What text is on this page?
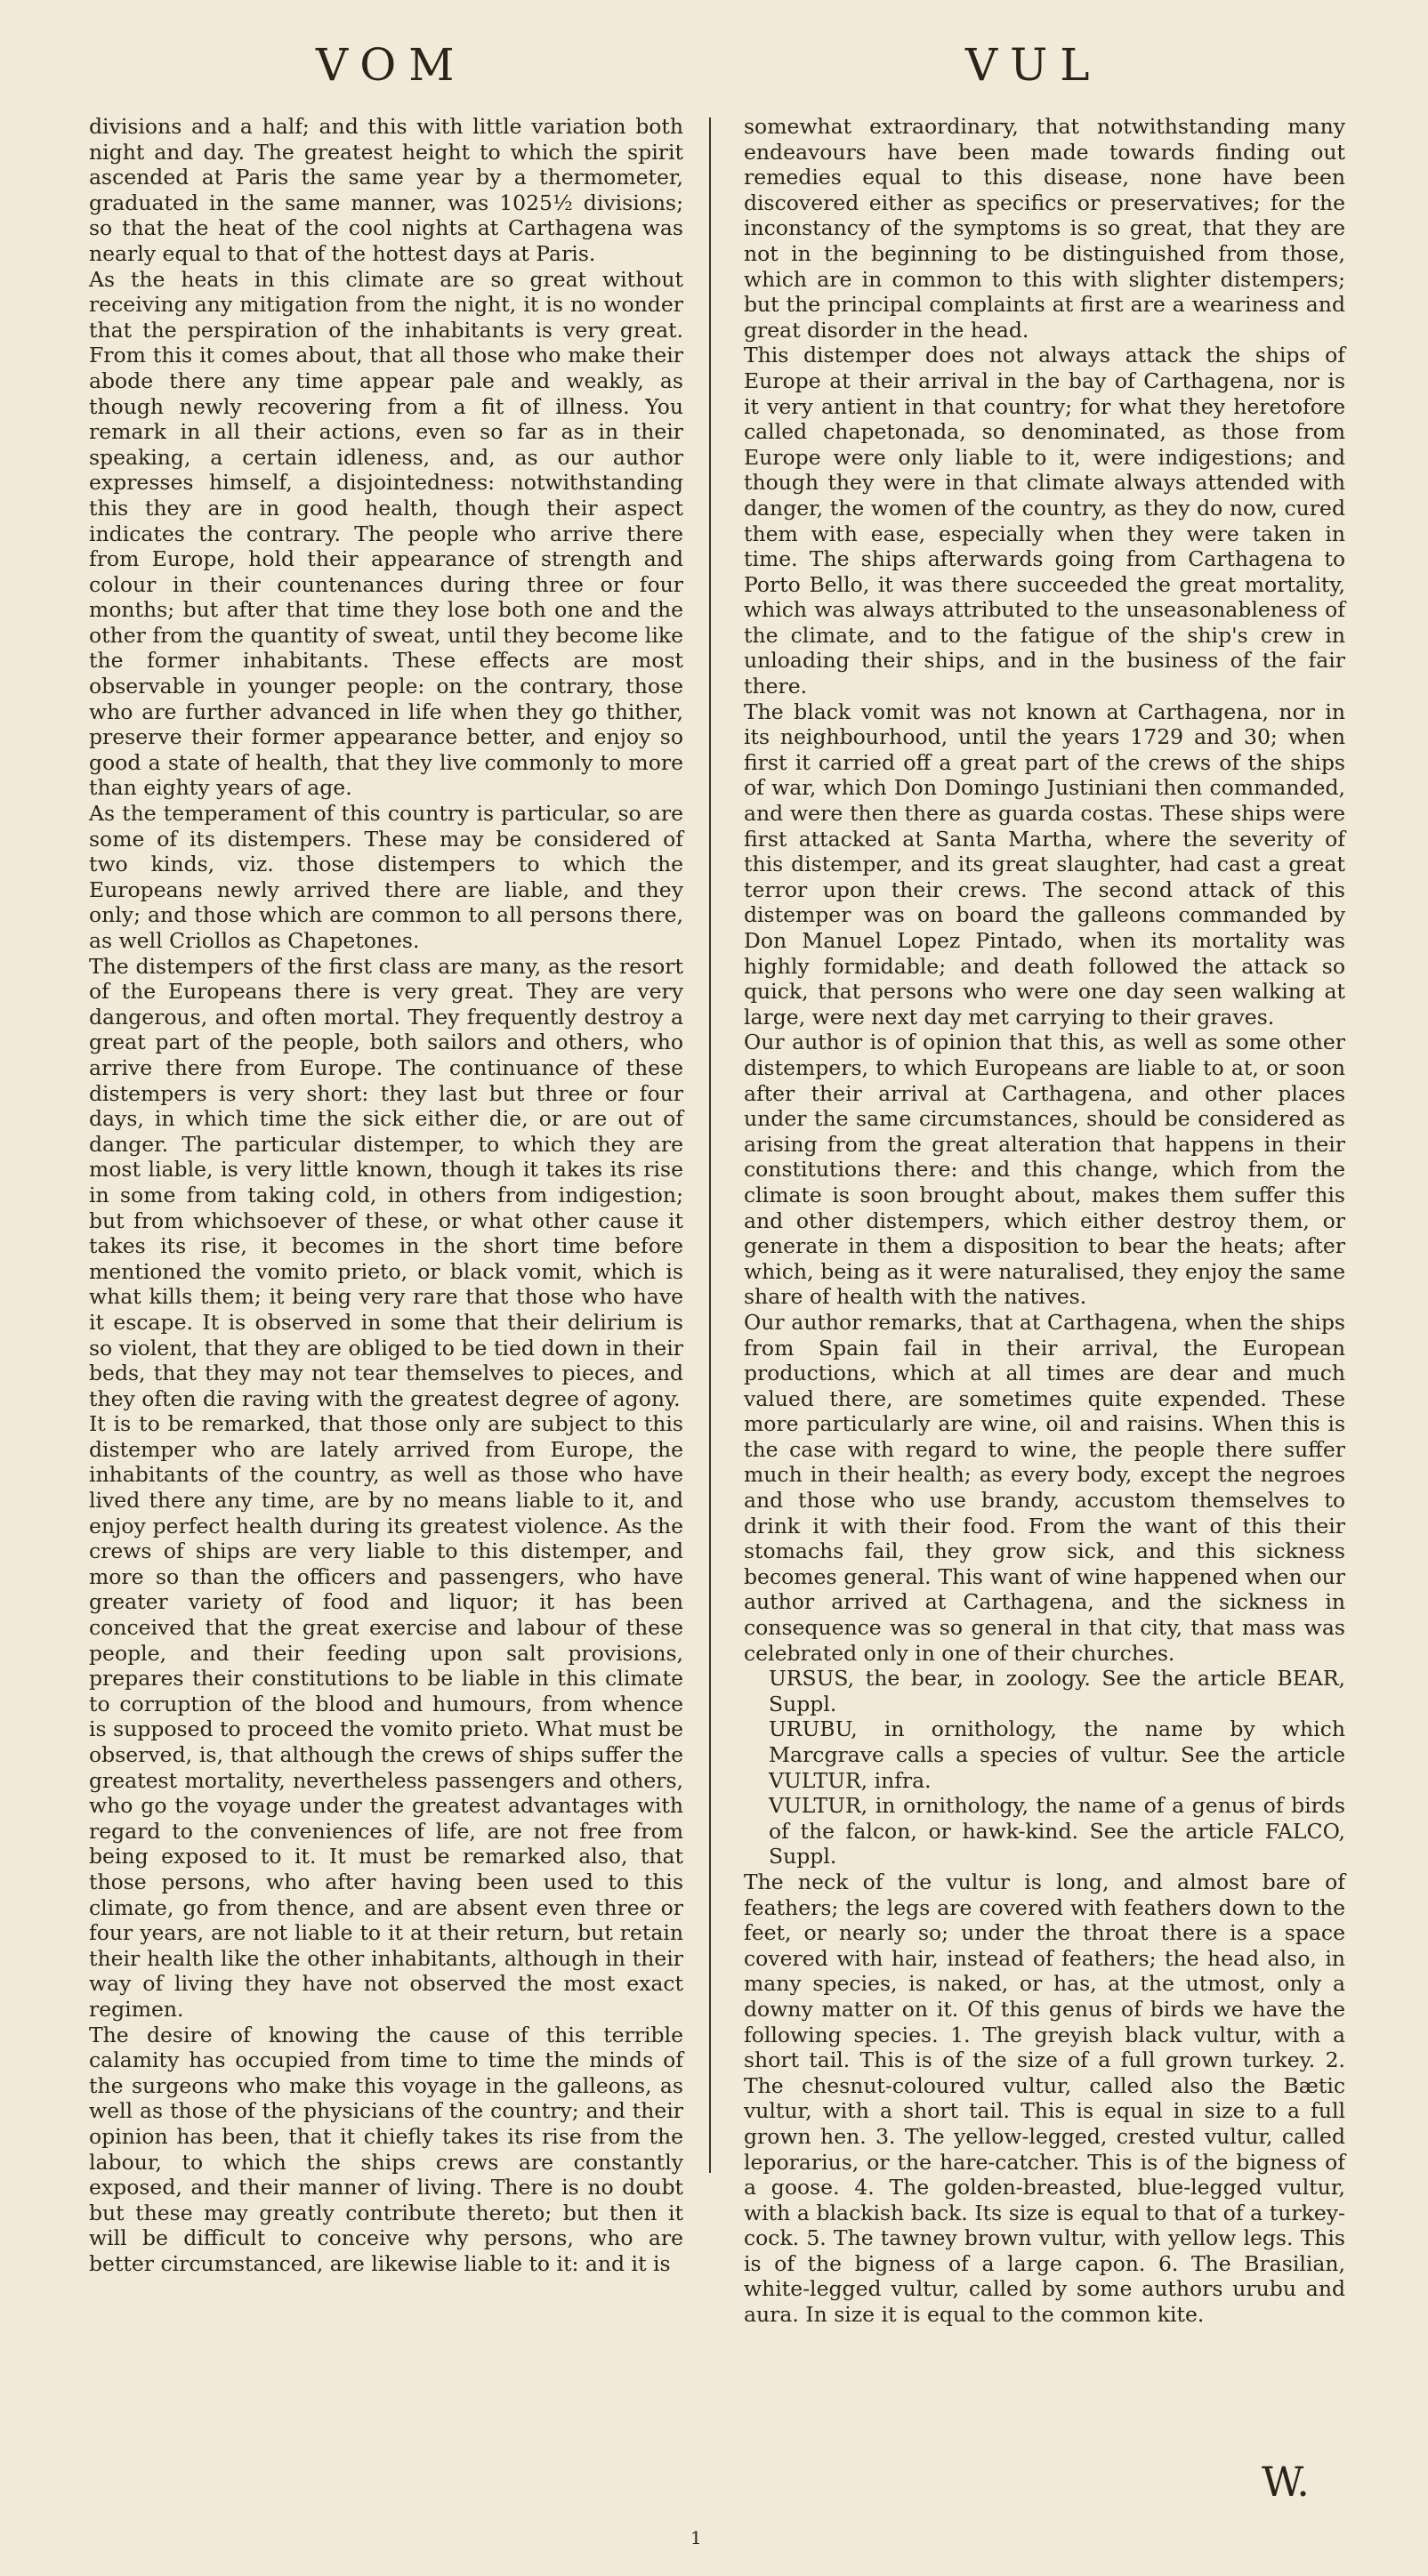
VOM	VUL

divisions and a half; and this with little variation both night and day. The greatest height to which the spirit ascended at Paris the same year by a thermometer, graduated in the same manner, was 1025½ divisions; so that the heat of the cool nights at Carthagena was nearly equal to that of the hottest days at Paris.

As the heats in this climate are so great without receiving any mitigation from the night, it is no wonder that the perspiration of the inhabitants is very great. From this it comes about, that all those who make their abode there any time appear pale and weakly, as though newly recovering from a fit of illness. You remark in all their actions, even so far as in their speaking, a certain idleness, and, as our author expresses himself, a disjointedness: notwithstanding this they are in good health, though their aspect indicates the contrary. The people who arrive there from Europe, hold their appearance of strength and colour in their countenances during three or four months; but after that time they lose both one and the other from the quantity of sweat, until they become like the former inhabitants. These effects are most observable in younger people: on the contrary, those who are further advanced in life when they go thither, preserve their former appearance better, and enjoy so good a state of health, that they live commonly to more than eighty years of age.

As the temperament of this country is particular, so are some of its distempers. These may be considered of two kinds, viz. those distempers to which the Europeans newly arrived there are liable, and they only; and those which are common to all persons there, as well Criollos as Chapetones.

The distempers of the first class are many, as the resort of the Europeans there is very great. They are very dangerous, and often mortal. They frequently destroy a great part of the people, both sailors and others, who arrive there from Europe. The continuance of these distempers is very short: they last but three or four days, in which time the sick either die, or are out of danger. The particular distemper, to which they are most liable, is very little known, though it takes its rise in some from taking cold, in others from indigestion; but from whichsoever of these, or what other cause it takes its rise, it becomes in the short time before mentioned the vomito prieto, or black vomit, which is what kills them; it being very rare that those who have it escape. It is observed in some that their delirium is so violent, that they are obliged to be tied down in their beds, that they may not tear themselves to pieces, and they often die raving with the greatest degree of agony.

It is to be remarked, that those only are subject to this distemper who are lately arrived from Europe, the inhabitants of the country, as well as those who have lived there any time, are by no means liable to it, and enjoy perfect health during its greatest violence. As the crews of ships are very liable to this distemper, and more so than the officers and passengers, who have greater variety of food and liquor; it has been conceived that the great exercise and labour of these people, and their feeding upon salt provisions, prepares their constitutions to be liable in this climate to corruption of the blood and humours, from whence is supposed to proceed the vomito prieto. What must be observed, is, that although the crews of ships suffer the greatest mortality, nevertheless passengers and others, who go the voyage under the greatest advantages with regard to the conveniences of life, are not free from being exposed to it. It must be remarked also, that those persons, who after having been used to this climate, go from thence, and are absent even three or four years, are not liable to it at their return, but retain their health like the other inhabitants, although in their way of living they have not observed the most exact regimen.

The desire of knowing the cause of this terrible calamity has occupied from time to time the minds of the surgeons who make this voyage in the galleons, as well as those of the physicians of the country; and their opinion has been, that it chiefly takes its rise from the labour, to which the ships crews are constantly exposed, and their manner of living. There is no doubt but these may greatly contribute thereto; but then it will be difficult to conceive why persons, who are better circumstanced, are likewise liable to it: and it is

somewhat extraordinary, that notwithstanding many endeavours have been made towards finding out remedies equal to this disease, none have been discovered either as specifics or preservatives; for the inconstancy of the symptoms is so great, that they are not in the beginning to be distinguished from those, which are in common to this with slighter distempers; but the principal complaints at first are a weariness and great disorder in the head.

This distemper does not always attack the ships of Europe at their arrival in the bay of Carthagena, nor is it very antient in that country; for what they heretofore called chapetonada, so denominated, as those from Europe were only liable to it, were indigestions; and though they were in that climate always attended with danger, the women of the country, as they do now, cured them with ease, especially when they were taken in time. The ships afterwards going from Carthagena to Porto Bello, it was there succeeded the great mortality, which was always attributed to the unseasonableness of the climate, and to the fatigue of the ship's crew in unloading their ships, and in the business of the fair there.

The black vomit was not known at Carthagena, nor in its neighbourhood, until the years 1729 and 30; when first it carried off a great part of the crews of the ships of war, which Don Domingo Justiniani then commanded, and were then there as guarda costas. These ships were first attacked at Santa Martha, where the severity of this distemper, and its great slaughter, had cast a great terror upon their crews. The second attack of this distemper was on board the galleons commanded by Don Manuel Lopez Pintado, when its mortality was highly formidable; and death followed the attack so quick, that persons who were one day seen walking at large, were next day met carrying to their graves.

Our author is of opinion that this, as well as some other distempers, to which Europeans are liable to at, or soon after their arrival at Carthagena, and other places under the same circumstances, should be considered as arising from the great alteration that happens in their constitutions there: and this change, which from the climate is soon brought about, makes them suffer this and other distempers, which either destroy them, or generate in them a disposition to bear the heats; after which, being as it were naturalised, they enjoy the same share of health with the natives.

Our author remarks, that at Carthagena, when the ships from Spain fail in their arrival, the European productions, which at all times are dear and much valued there, are sometimes quite expended. These more particularly are wine, oil and raisins. When this is the case with regard to wine, the people there suffer much in their health; as every body, except the negroes and those who use brandy, accustom themselves to drink it with their food. From the want of this their stomachs fail, they grow sick, and this sickness becomes general. This want of wine happened when our author arrived at Carthagena, and the sickness in consequence was so general in that city, that mass was celebrated only in one of their churches.

URSUS, the bear, in zoology. See the article BEAR, Suppl.

URUBU, in ornithology, the name by which Marcgrave calls a species of vultur. See the article VULTUR, infra.

VULTUR, in ornithology, the name of a genus of birds of the falcon, or hawk-kind. See the article FALCO, Suppl.

The neck of the vultur is long, and almost bare of feathers; the legs are covered with feathers down to the feet, or nearly so; under the throat there is a space covered with hair, instead of feathers; the head also, in many species, is naked, or has, at the utmost, only a downy matter on it. Of this genus of birds we have the following species. 1. The greyish black vultur, with a short tail. This is of the size of a full grown turkey. 2. The chesnut-coloured vultur, called also the Bætic vultur, with a short tail. This is equal in size to a full grown hen. 3. The yellow-legged, crested vultur, called leporarius, or the hare-catcher. This is of the bigness of a goose. 4. The golden-breasted, blue-legged vultur, with a blackish back. Its size is equal to that of a turkey-cock. 5. The tawney brown vultur, with yellow legs. This is of the bigness of a large capon. 6. The Brasilian, white-legged vultur, called by some authors urubu and aura. In size it is equal to the common kite.

1
W.
